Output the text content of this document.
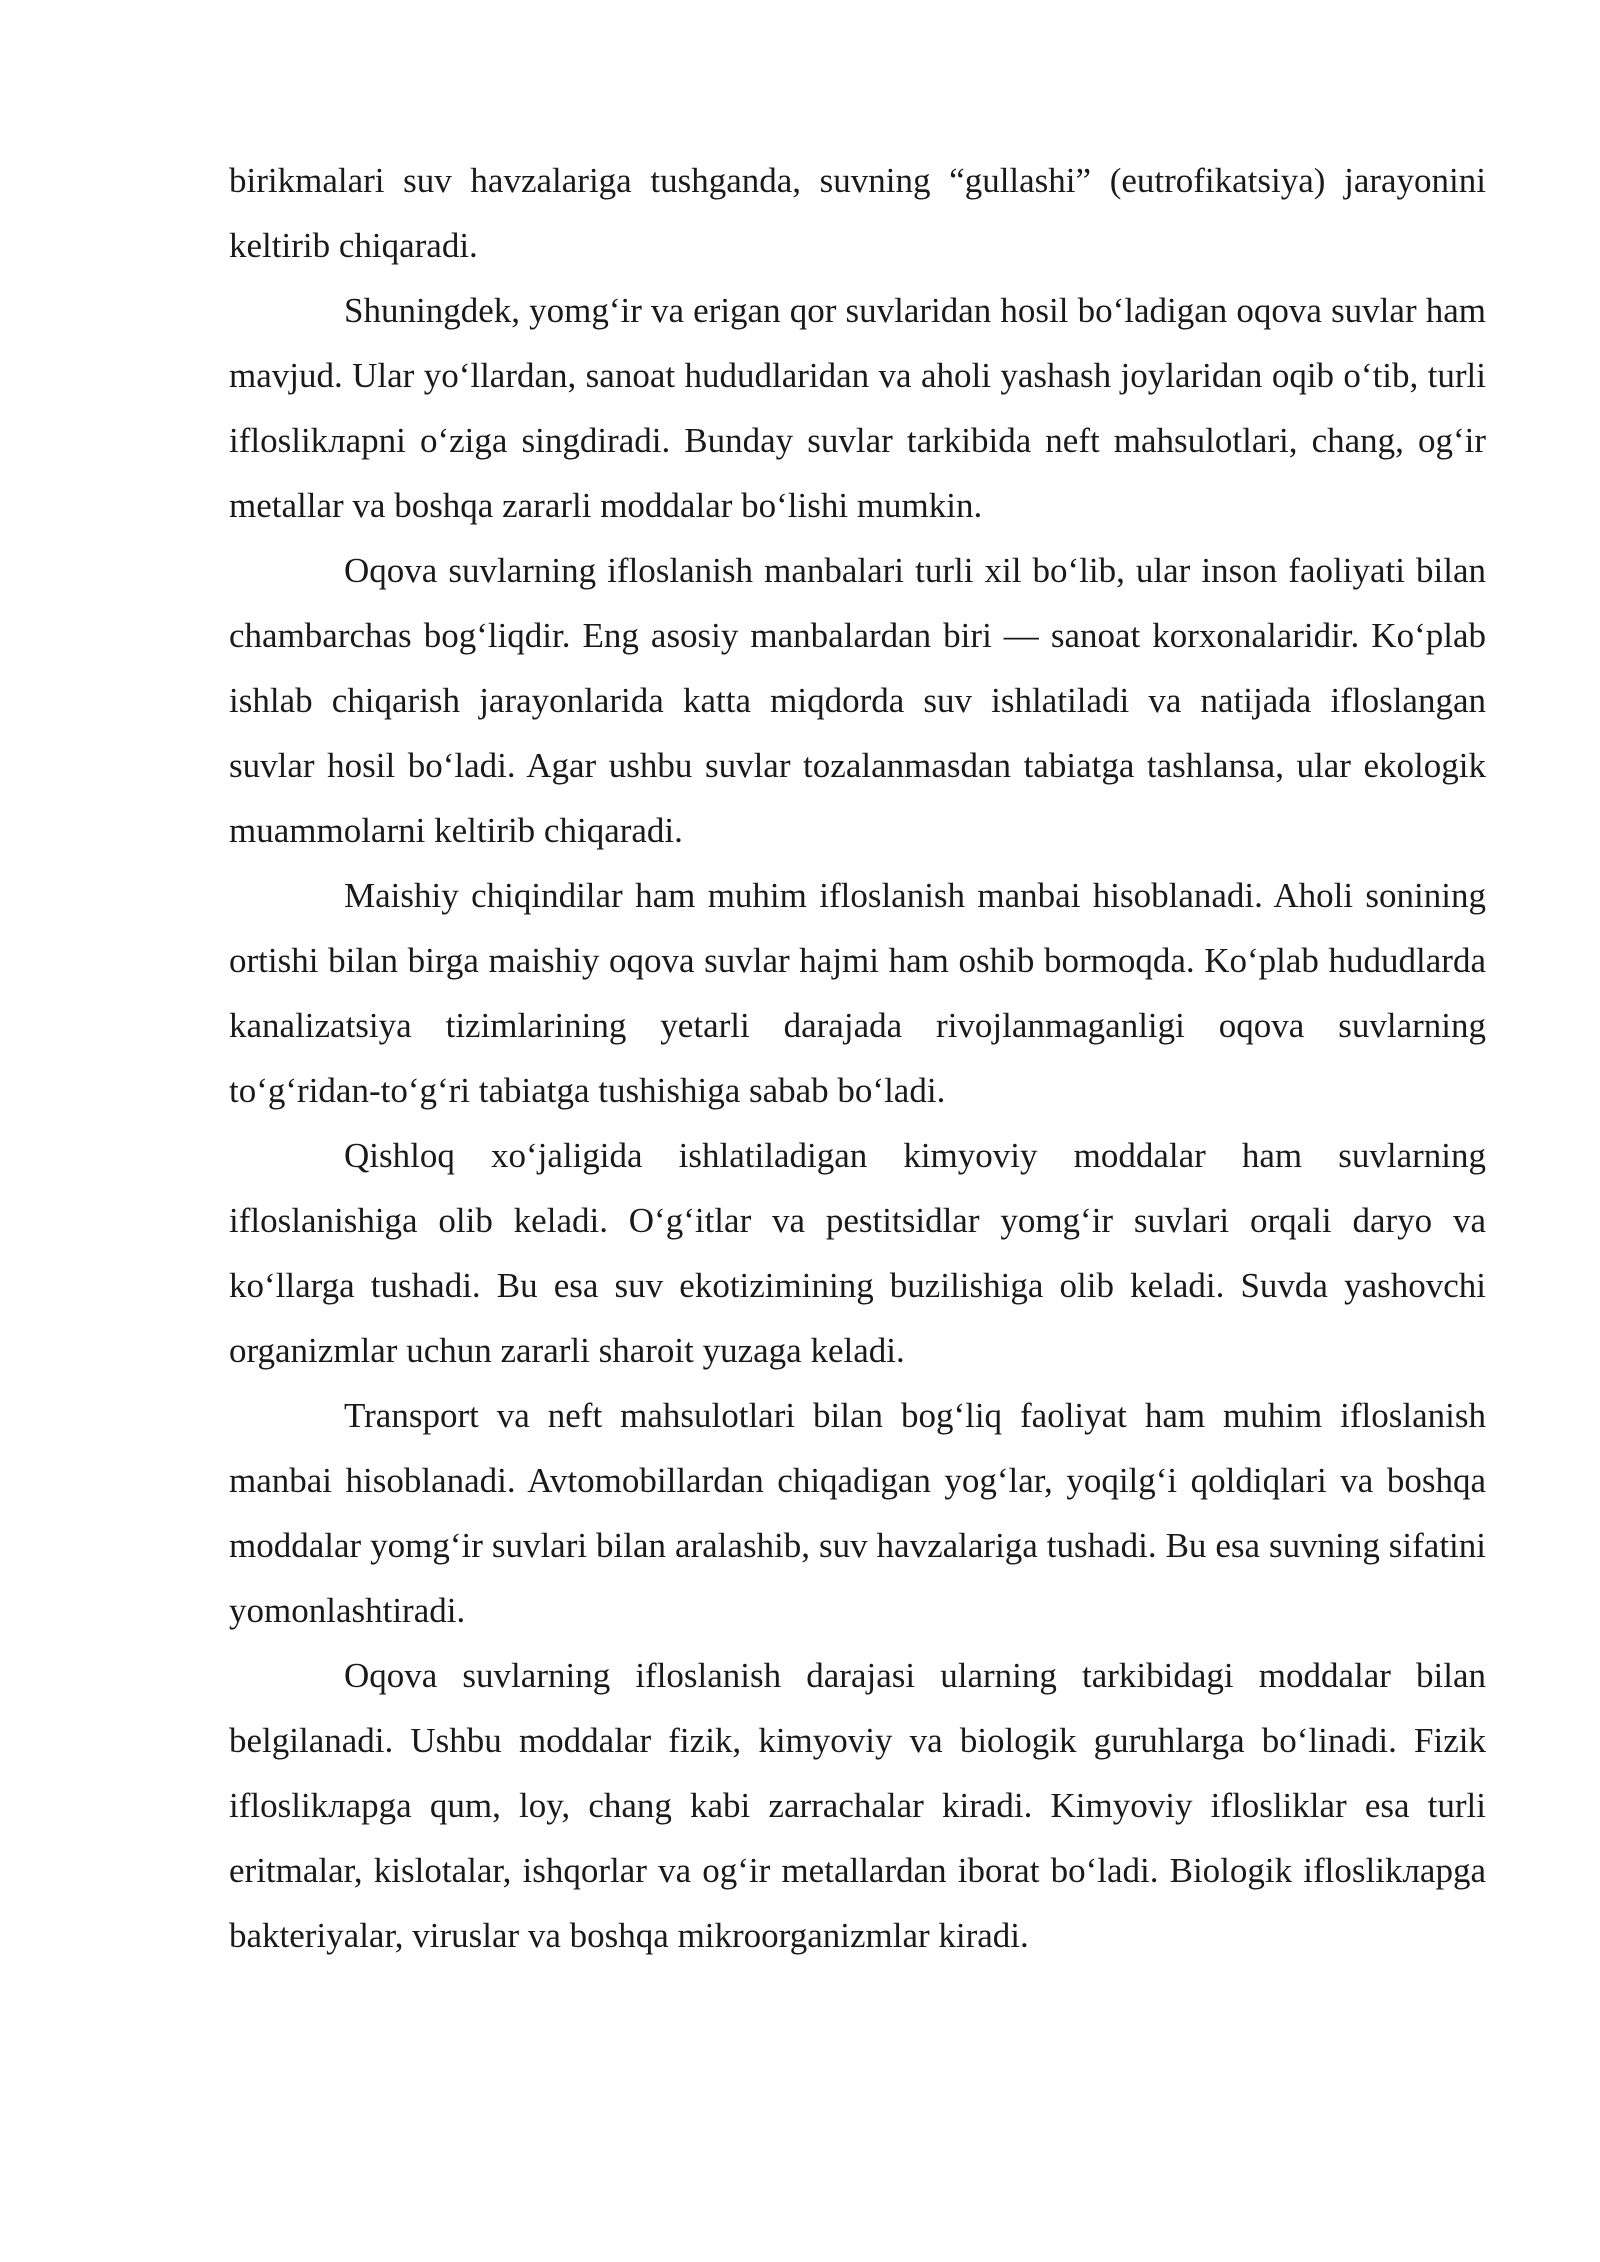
birikmalari suv havzalariga tushganda, suvning “gullashi” (eutrofikatsiya) jarayonini keltirib chiqaradi.

Shuningdek, yomg‘ir va erigan qor suvlaridan hosil bo‘ladigan oqova suvlar ham mavjud. Ular yo‘llardan, sanoat hududlaridan va aholi yashash joylaridan oqib o‘tib, turli ifloslikларni o‘ziga singdiradi. Bunday suvlar tarkibida neft mahsulotlari, chang, og‘ir metallar va boshqa zararli moddalar bo‘lishi mumkin.

Oqova suvlarning ifloslanish manbalari turli xil bo‘lib, ular inson faoliyati bilan chambarchas bog‘liqdir. Eng asosiy manbalardan biri — sanoat korxonalaridir. Ko‘plab ishlab chiqarish jarayonlarida katta miqdorda suv ishlatiladi va natijada ifloslangan suvlar hosil bo‘ladi. Agar ushbu suvlar tozalanmasdan tabiatga tashlansa, ular ekologik muammolarni keltirib chiqaradi.

Maishiy chiqindilar ham muhim ifloslanish manbai hisoblanadi. Aholi sonining ortishi bilan birga maishiy oqova suvlar hajmi ham oshib bormoqda. Ko‘plab hududlarda kanalizatsiya tizimlarining yetarli darajada rivojlanmaganligi oqova suvlarning to‘g‘ridan-to‘g‘ri tabiatga tushishiga sabab bo‘ladi.

Qishloq xo‘jaligida ishlatiladigan kimyoviy moddalar ham suvlarning ifloslanishiga olib keladi. O‘g‘itlar va pestitsidlar yomg‘ir suvlari orqali daryo va ko‘llarga tushadi. Bu esa suv ekotizimining buzilishiga olib keladi. Suvda yashovchi organizmlar uchun zararli sharoit yuzaga keladi.

Transport va neft mahsulotlari bilan bog‘liq faoliyat ham muhim ifloslanish manbai hisoblanadi. Avtomobillardan chiqadigan yog‘lar, yoqilg‘i qoldiqlari va boshqa moddalar yomg‘ir suvlari bilan aralashib, suv havzalariga tushadi. Bu esa suvning sifatini yomonlashtiradi.

Oqova suvlarning ifloslanish darajasi ularning tarkibidagi moddalar bilan belgilanadi. Ushbu moddalar fizik, kimyoviy va biologik guruhlarga bo‘linadi. Fizik ifloslikларga qum, loy, chang kabi zarrachalar kiradi. Kimyoviy iflosliklar esa turli eritmalar, kislotalar, ishqorlar va og‘ir metallardan iborat bo‘ladi. Biologik ifloslikларga bakteriyalar, viruslar va boshqa mikroorganizmlar kiradi.
